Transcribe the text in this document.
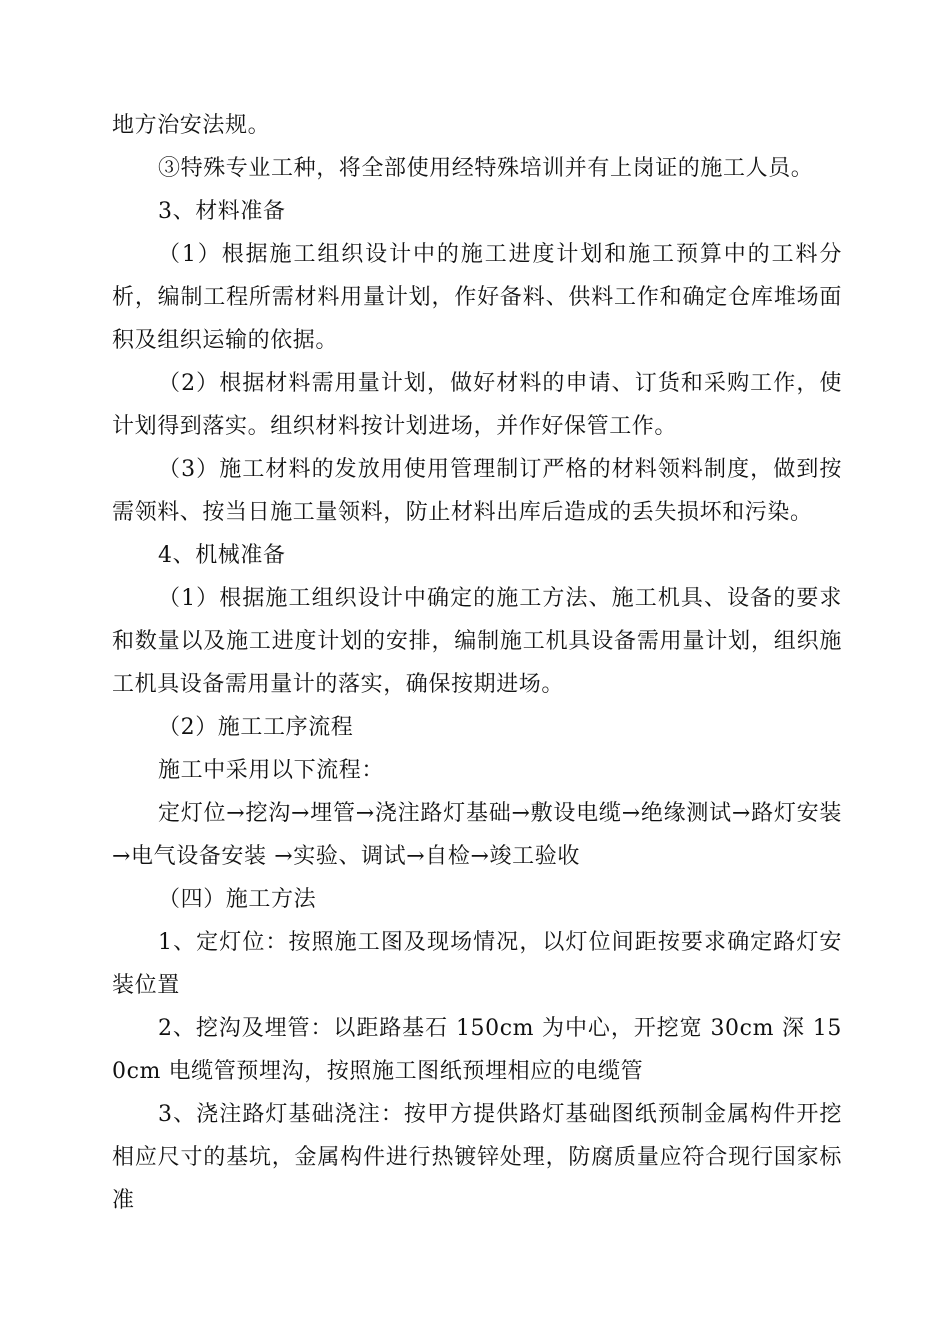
地方治安法规。

③特殊专业工种，将全部使用经特殊培训并有上岗证的施工人员。

3、材料准备

（1）根据施工组织设计中的施工进度计划和施工预算中的工料分析，编制工程所需材料用量计划，作好备料、供料工作和确定仓库堆场面积及组织运输的依据。

（2）根据材料需用量计划，做好材料的申请、订货和采购工作，使计划得到落实。组织材料按计划进场，并作好保管工作。

（3）施工材料的发放用使用管理制订严格的材料领料制度，做到按需领料、按当日施工量领料，防止材料出库后造成的丢失损坏和污染。

4、机械准备

（1）根据施工组织设计中确定的施工方法、施工机具、设备的要求和数量以及施工进度计划的安排，编制施工机具设备需用量计划，组织施工机具设备需用量计的落实，确保按期进场。

（2）施工工序流程

施工中采用以下流程：

定灯位→挖沟→埋管→浇注路灯基础→敷设电缆→绝缘测试→路灯安装→电气设备安装 →实验、调试→自检→竣工验收

（四）施工方法

1、定灯位：按照施工图及现场情况，以灯位间距按要求确定路灯安装位置

2、挖沟及埋管：以距路基石 150cm 为中心，开挖宽 30cm 深 150cm 电缆管预埋沟，按照施工图纸预埋相应的电缆管

3、浇注路灯基础浇注：按甲方提供路灯基础图纸预制金属构件开挖相应尺寸的基坑，金属构件进行热镀锌处理，防腐质量应符合现行国家标准
